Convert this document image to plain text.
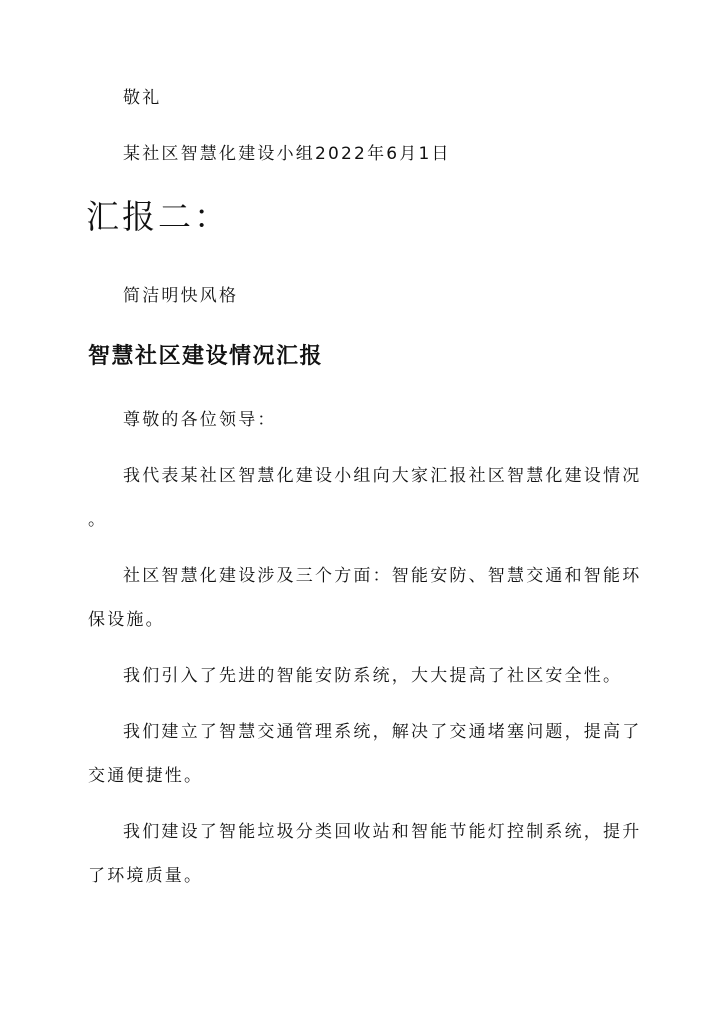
敬礼
某社区智慧化建设小组2022年6月1日
汇报二：
简洁明快风格
智慧社区建设情况汇报
尊敬的各位领导：
我代表某社区智慧化建设小组向大家汇报社区智慧化建设情况
。
社区智慧化建设涉及三个方面：智能安防、智慧交通和智能环
保设施。
我们引入了先进的智能安防系统，大大提高了社区安全性。
我们建立了智慧交通管理系统，解决了交通堵塞问题，提高了
交通便捷性。
我们建设了智能垃圾分类回收站和智能节能灯控制系统，提升
了环境质量。
